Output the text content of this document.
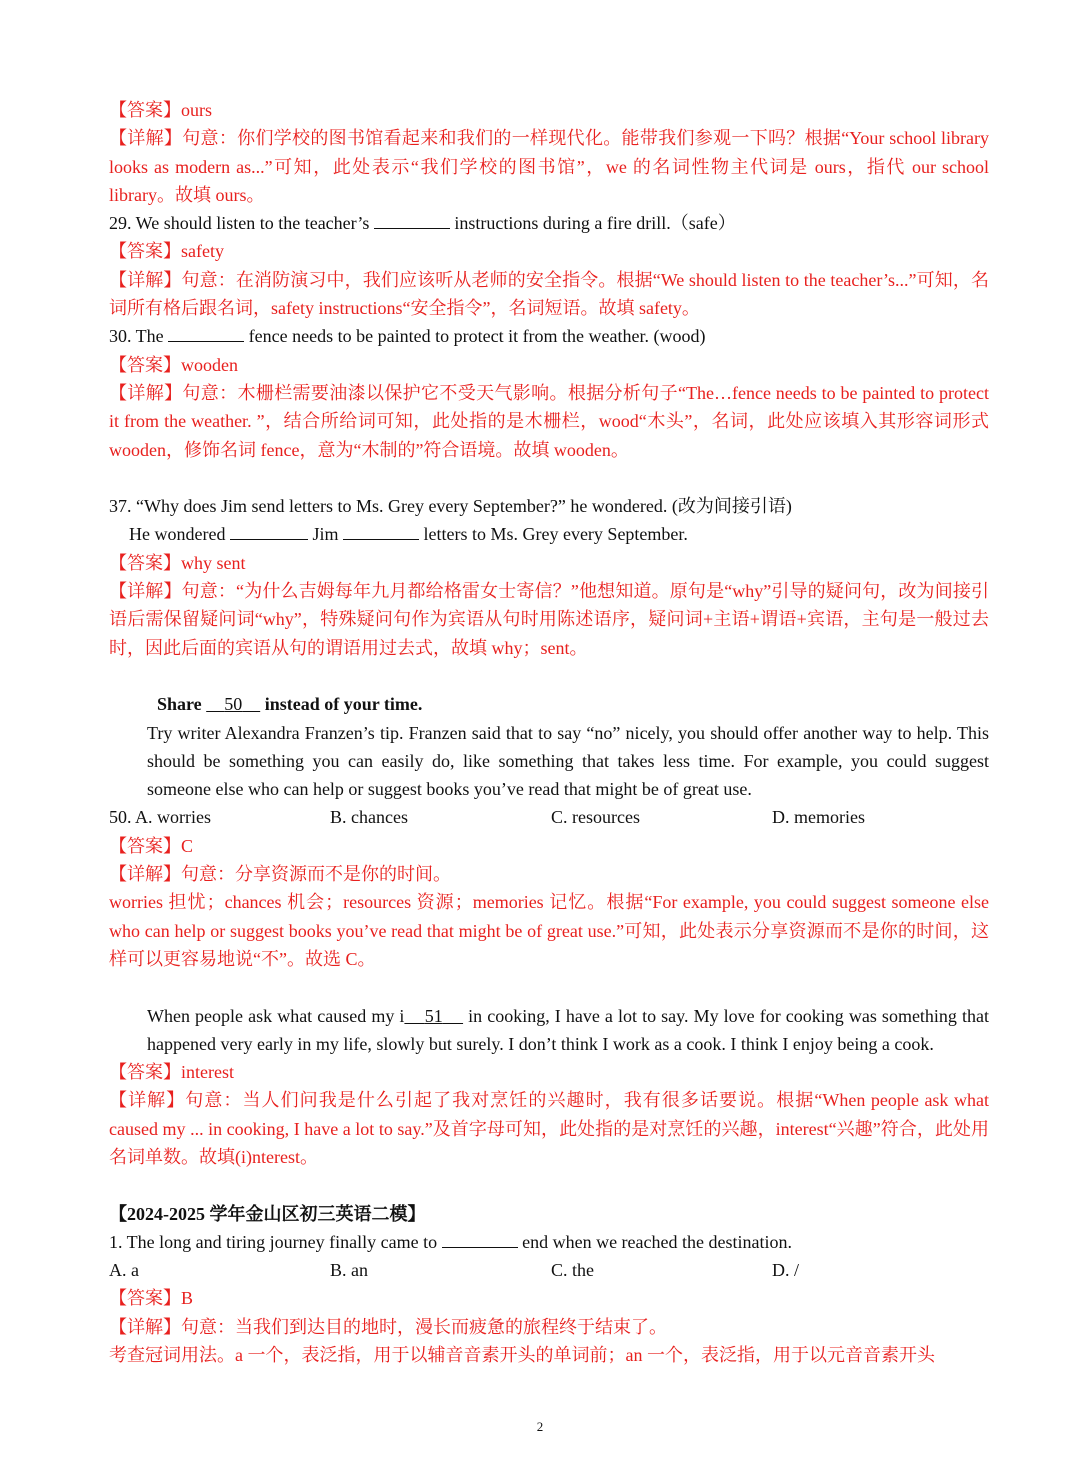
【答案】ours
【详解】句意：你们学校的图书馆看起来和我们的一样现代化。能带我们参观一下吗？根据“Your school library looks as modern as...”可知，此处表示“我们学校的图书馆”，we 的名词性物主代词是 ours，指代 our school library。故填 ours。
29. We should listen to the teacher’s	instructions during a fire drill.（safe）
【答案】safety
【详解】句意：在消防演习中，我们应该听从老师的安全指令。根据“We should listen to the teacher’s...”可知，名词所有格后跟名词，safety instructions“安全指令”，名词短语。故填 safety。
30. The	fence needs to be painted to protect it from the weather. (wood)
【答案】wooden
【详解】句意：木栅栏需要油漆以保护它不受天气影响。根据分析句子“The…fence needs to be painted to protect it from the weather. ”，结合所给词可知，此处指的是木栅栏，wood“木头”，名词，此处应该填入其形容词形式 wooden，修饰名词 fence，意为“木制的”符合语境。故填 wooden。
37. “Why does Jim send letters to Ms. Grey every September?” he wondered. (改为间接引语)
He wondered	Jim	letters to Ms. Grey every September.
【答案】why sent
【详解】句意：“为什么吉姆每年九月都给格雷女士寄信？”他想知道。原句是“why”引导的疑问句，改为间接引语后需保留疑问词“why”，特殊疑问句作为宾语从句时用陈述语序，疑问词+主语+谓语+宾语，主句是一般过去时，因此后面的宾语从句的谓语用过去式，故填 why；sent。
Share     50     instead of your time.
Try writer Alexandra Franzen’s tip. Franzen said that to say “no” nicely, you should offer another way to help. This should be something you can easily do, like something that takes less time. For example, you could suggest someone else who can help or suggest books you’ve read that might be of great use.
50. A. worries	B. chances	C. resources	D. memories
【答案】C
【详解】句意：分享资源而不是你的时间。
worries 担忧；chances 机会；resources 资源；memories 记忆。根据“For example, you could suggest someone else who can help or suggest books you’ve read that might be of great use.”可知，此处表示分享资源而不是你的时间，这样可以更容易地说“不”。故选 C。
When people ask what caused my i 51     in cooking, I have a lot to say. My love for cooking was something that happened very early in my life, slowly but surely. I don’t think I work as a cook. I think I enjoy being a cook.
【答案】interest
【详解】句意：当人们问我是什么引起了我对烹饪的兴趣时，我有很多话要说。根据“When people ask what caused my ... in cooking, I have a lot to say.”及首字母可知，此处指的是对烹饪的兴趣，interest“兴趣”符合，此处用名词单数。故填(i)nterest。
【2024-2025 学年金山区初三英语二模】
1. The long and tiring journey finally came to	end when we reached the destination.
A. a	B. an	C. the	D. /
【答案】B
【详解】句意：当我们到达目的地时，漫长而疲惫的旅程终于结束了。
考查冠词用法。a 一个，表泛指，用于以辅音音素开头的单词前；an 一个，表泛指，用于以元音音素开头
2
